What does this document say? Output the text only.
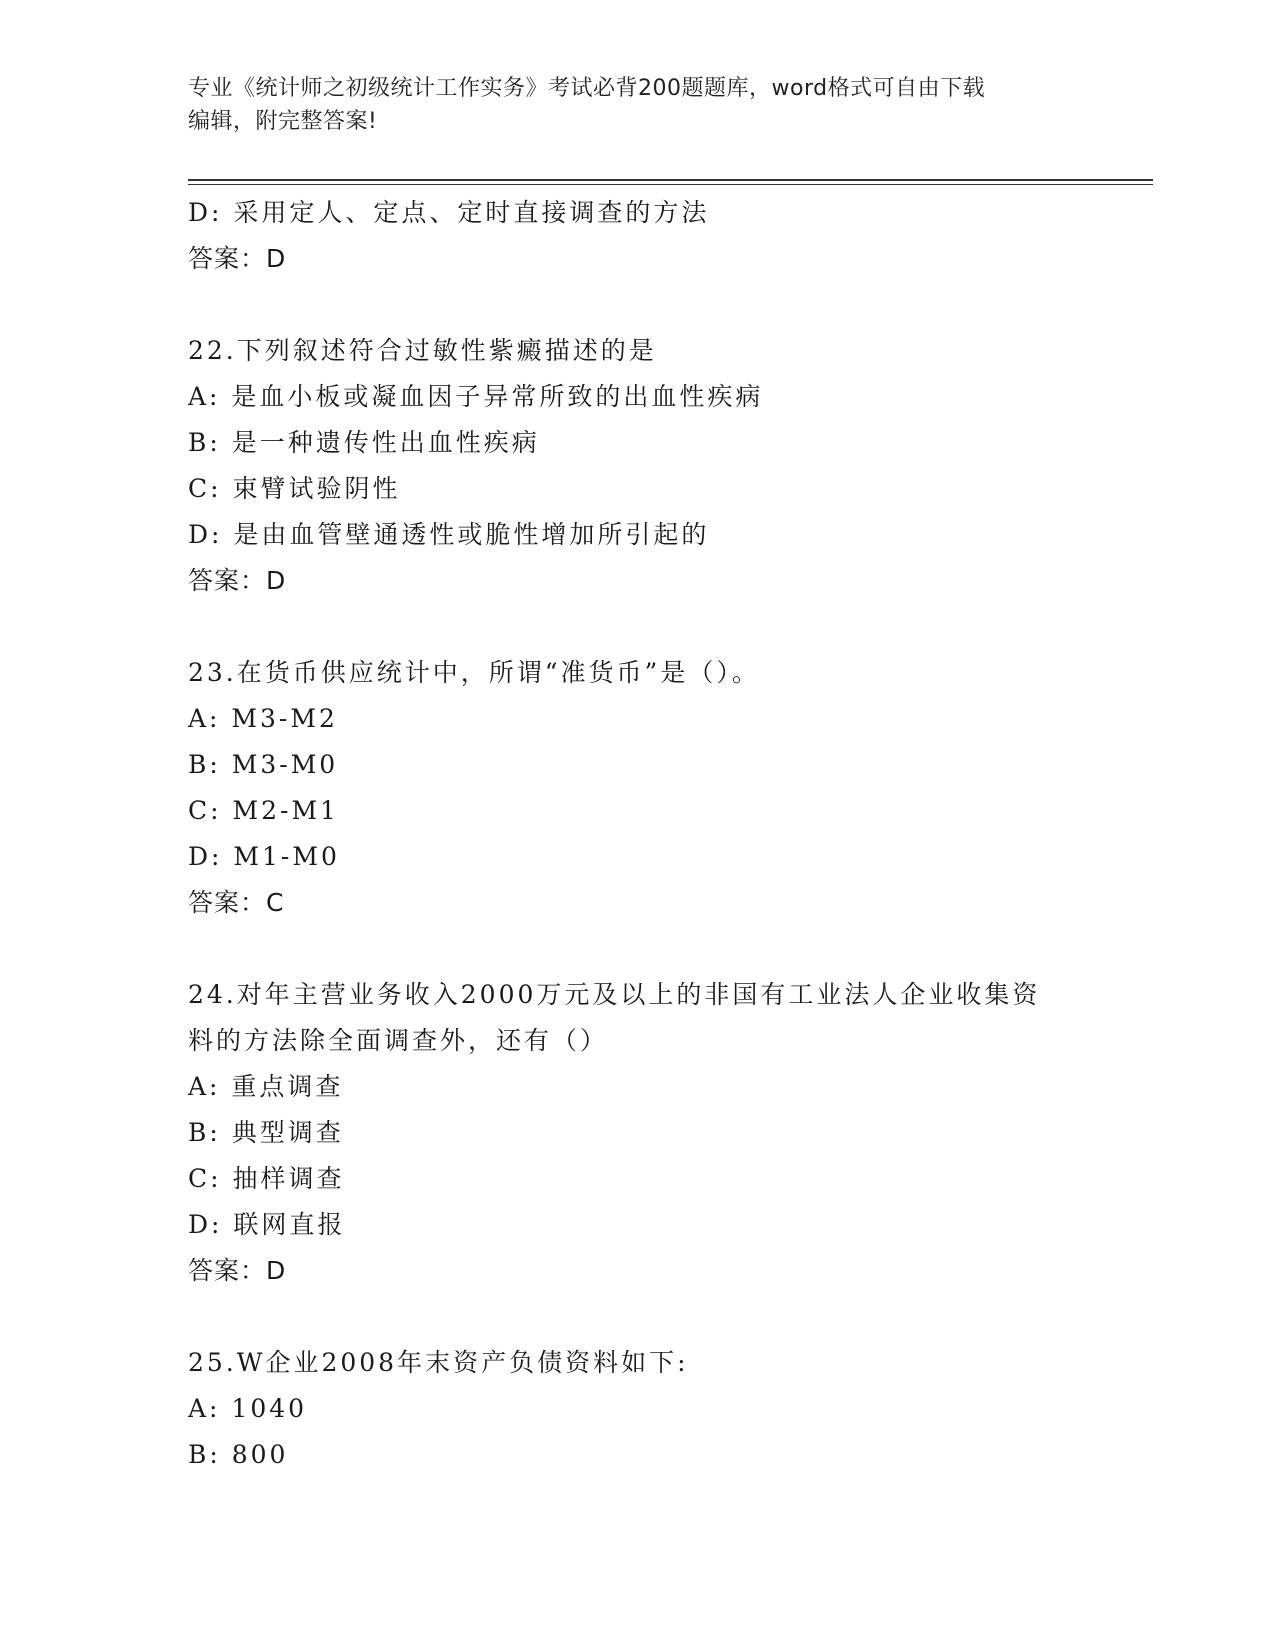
专业《统计师之初级统计工作实务》考试必背200题题库，word格式可自由下载
编辑，附完整答案!
D: 采用定人、定点、定时直接调查的方法
答案：D
22.下列叙述符合过敏性紫癜描述的是
A: 是血小板或凝血因子异常所致的出血性疾病
B: 是一种遗传性出血性疾病
C: 束臂试验阴性
D: 是由血管壁通透性或脆性增加所引起的
答案：D
23.在货币供应统计中，所谓“准货币”是（）。
A: M3-M2
B: M3-M0
C: M2-M1
D: M1-M0
答案：C
24.对年主营业务收入2000万元及以上的非国有工业法人企业收集资
料的方法除全面调查外，还有（）
A: 重点调查
B: 典型调查
C: 抽样调查
D: 联网直报
答案：D
25.W企业2008年末资产负债资料如下:
A: 1040
B: 800
